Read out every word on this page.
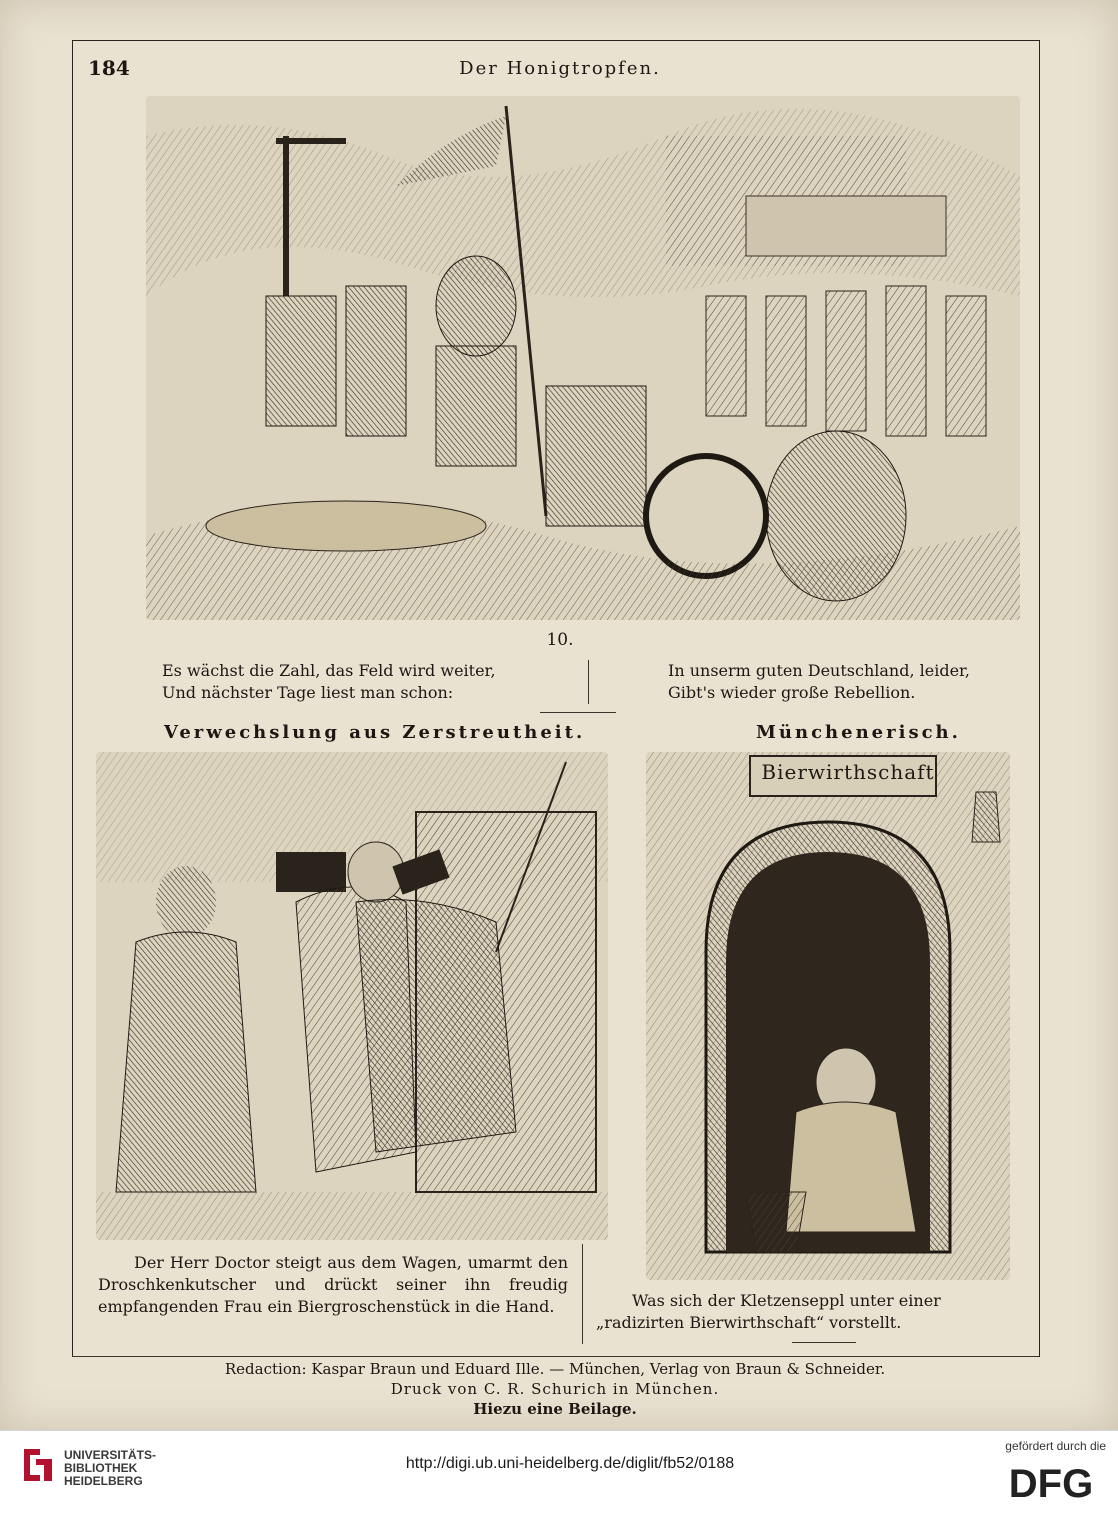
184	Der Honigtropfen.
10.
Es wächst die Zahl, das Feld wird weiter,
Und nächster Tage liest man schon:
In unserm guten Deutschland, leider,
Gibt's wieder große Rebellion.
Verwechslung aus Zerstreutheit.	Münchenerisch.
Bierwirthschaft
Der Herr Doctor steigt aus dem Wagen, umarmt den Droschkenkutscher und drückt seiner ihn freudig empfangenden Frau ein Biergroschenstück in die Hand.	Was sich der Kletzenseppl unter einer „radizirten Bierwirthschaft“ vorstellt.
Redaction: Kaspar Braun und Eduard Ille. — München, Verlag von Braun & Schneider.
Druck von C. R. Schurich in München.
Hiezu eine Beilage.
UNIVERSITÄTS-
BIBLIOTHEK
HEIDELBERG
http://digi.ub.uni-heidelberg.de/diglit/fb52/0188
gefördert durch die
DFG
